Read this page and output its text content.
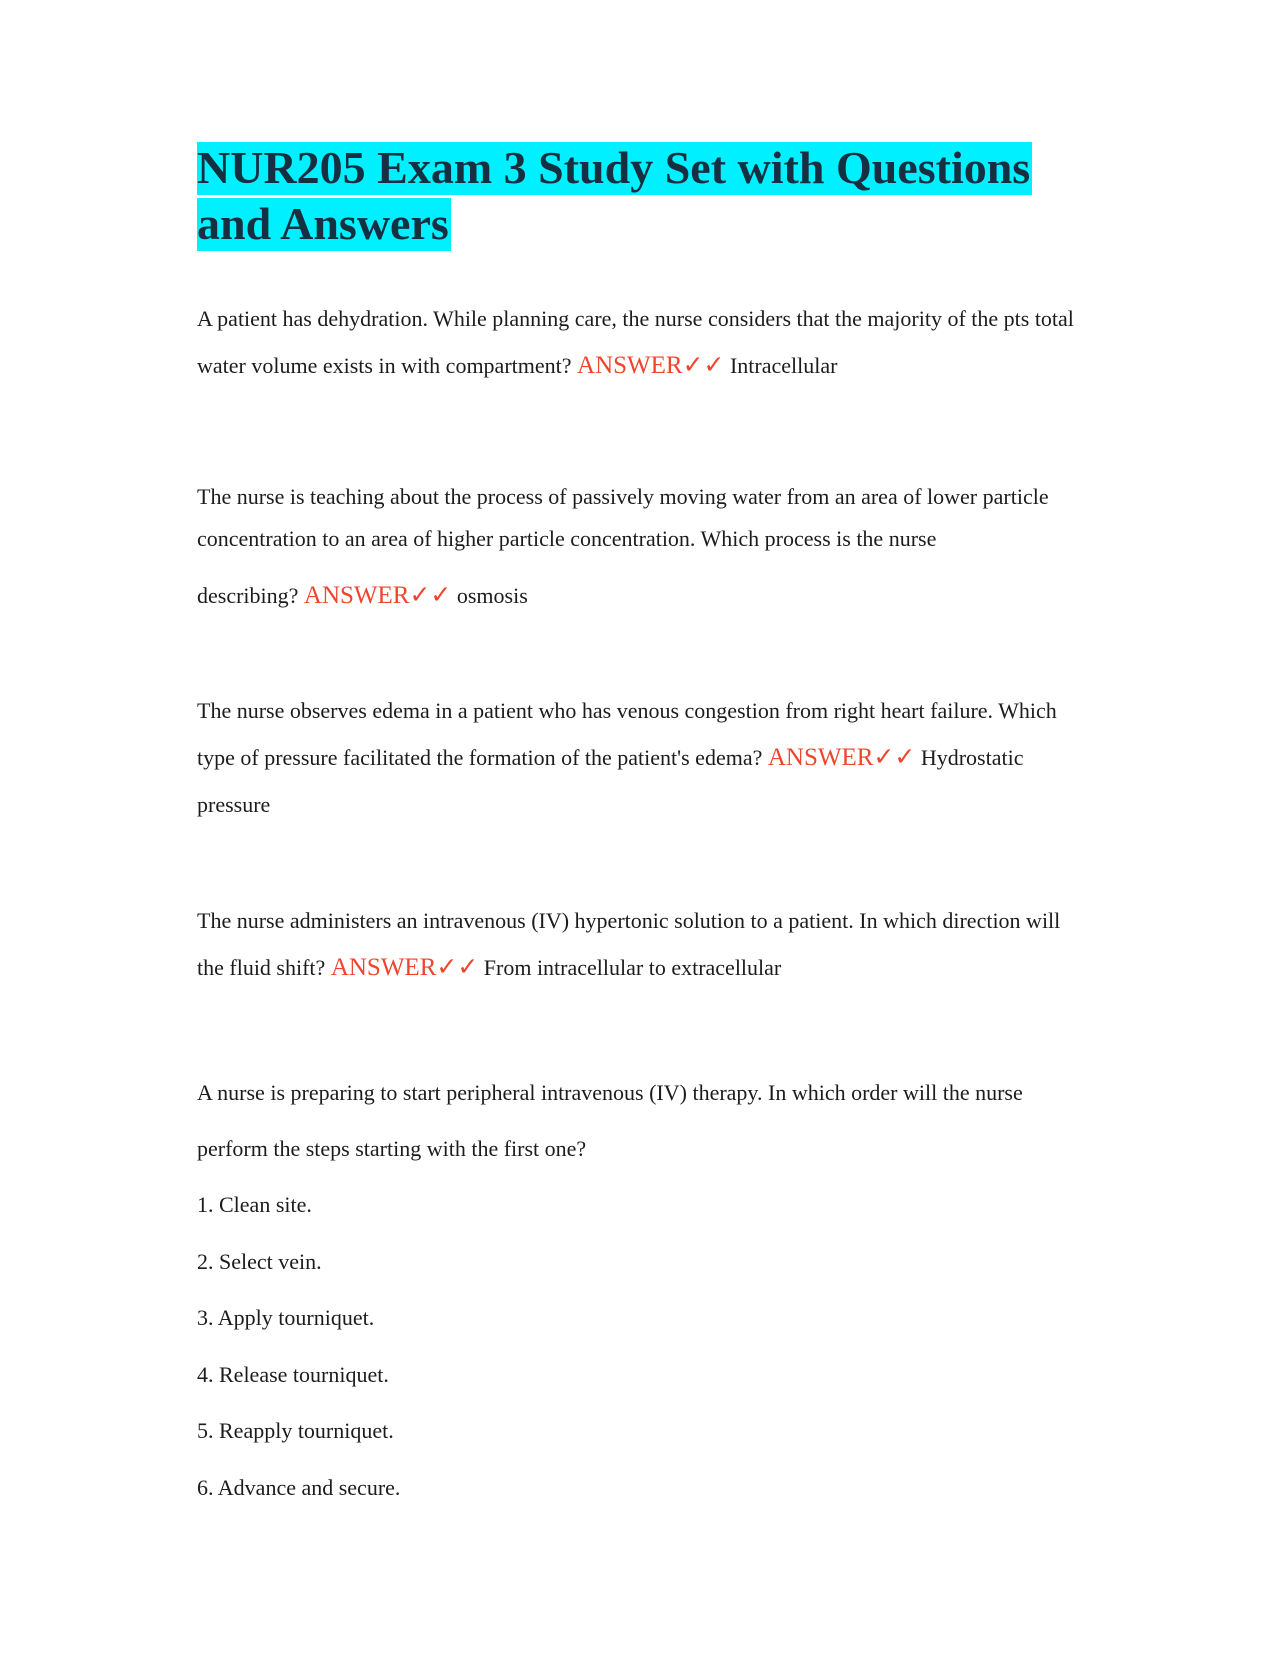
NUR205 Exam 3 Study Set with Questions and Answers

A patient has dehydration. While planning care, the nurse considers that the majority of the pts total water volume exists in with compartment? ANSWER✓✓ Intracellular

The nurse is teaching about the process of passively moving water from an area of lower particle concentration to an area of higher particle concentration. Which process is the nurse
describing? ANSWER✓✓ osmosis

The nurse observes edema in a patient who has venous congestion from right heart failure. Which type of pressure facilitated the formation of the patient's edema? ANSWER✓✓ Hydrostatic pressure

The nurse administers an intravenous (IV) hypertonic solution to a patient. In which direction will the fluid shift? ANSWER✓✓ From intracellular to extracellular

A nurse is preparing to start peripheral intravenous (IV) therapy. In which order will the nurse perform the steps starting with the first one?

1. Clean site.
2. Select vein.
3. Apply tourniquet.
4. Release tourniquet.
5. Reapply tourniquet.
6. Advance and secure.
